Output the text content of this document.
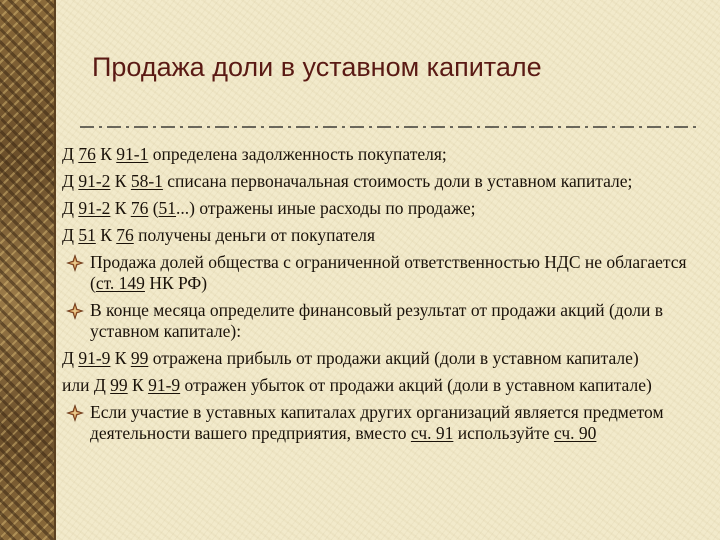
Продажа доли в уставном капитале

Д 76 К 91-1 определена задолженность покупателя;

Д 91-2 К 58-1 списана первоначальная стоимость доли в уставном капитале;

Д 91-2 К 76 (51...) отражены иные расходы по продаже;

Д 51 К 76 получены деньги от покупателя

Продажа долей общества с ограниченной ответственностью НДС не облагается (ст. 149 НК РФ)

В конце месяца определите финансовый результат от продажи акций (доли в уставном капитале):

Д 91-9 К 99 отражена прибыль от продажи акций (доли в уставном капитале)

или Д 99 К 91-9 отражен убыток от продажи акций (доли в уставном капитале)

Если участие в уставных капиталах других организаций является предметом деятельности вашего предприятия, вместо сч. 91 используйте сч. 90
